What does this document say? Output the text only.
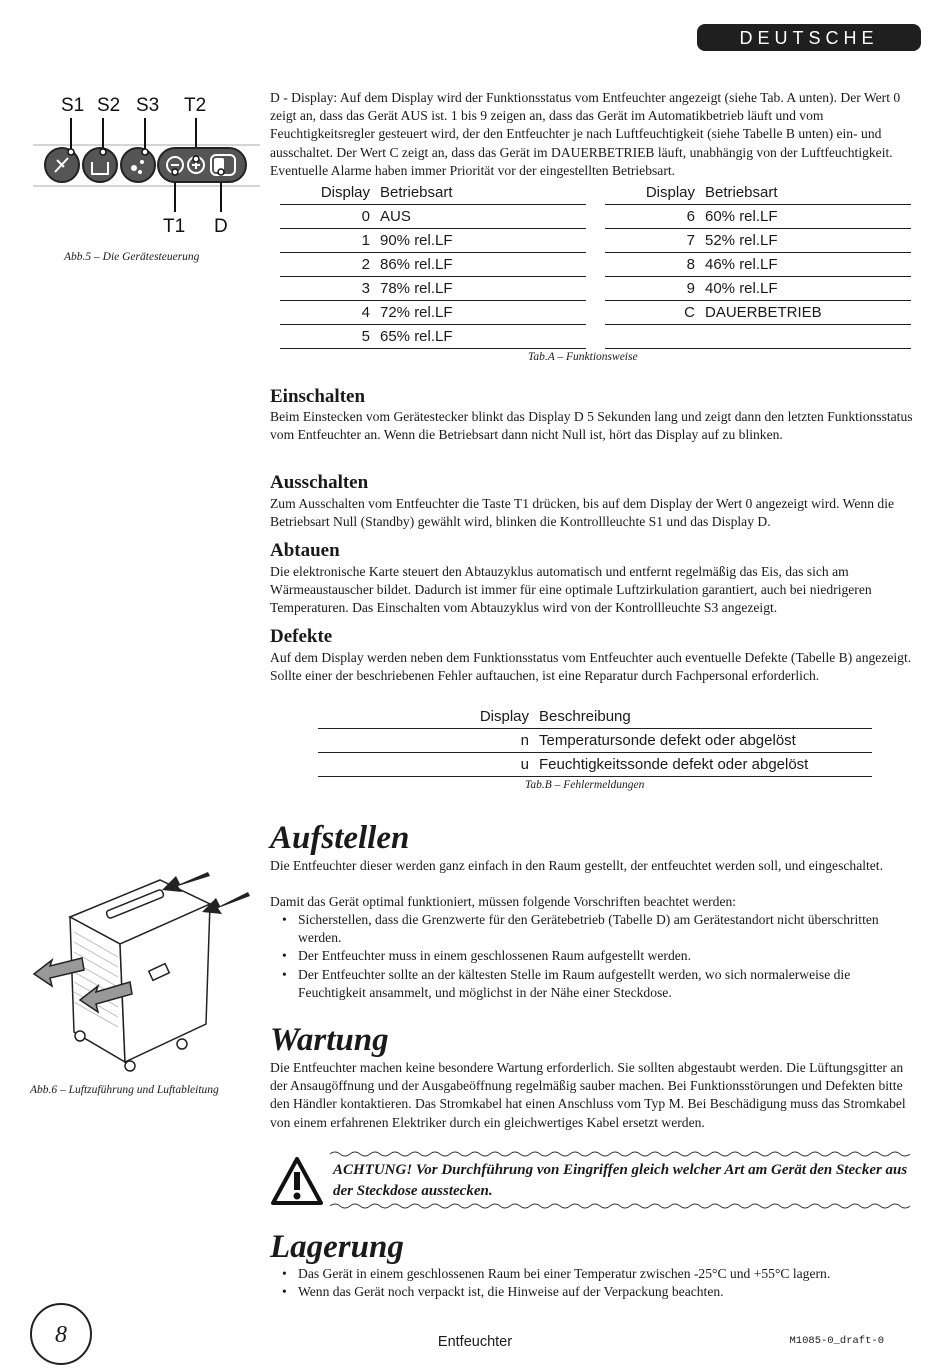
DEUTSCHE
S1 S2 S3 T2
T1 D
Abb.5 – Die Gerätesteuerung
D - Display: Auf dem Display wird der Funktionsstatus vom Entfeuchter angezeigt (siehe Tab. A unten). Der Wert 0 zeigt an, dass das Gerät AUS ist. 1 bis 9 zeigen an, dass das Gerät im Automatikbetrieb läuft und vom Feuchtigkeitsregler gesteuert wird, der den Entfeuchter je nach Luftfeuchtigkeit (siehe Tabelle B unten) ein- und ausschaltet. Der Wert C zeigt an, dass das Gerät im DAUERBETRIEB läuft, unabhängig von der Luftfeuchtigkeit. Eventuelle Alarme haben immer Priorität vor der eingestellten Betriebsart.
Display	Betriebsart
0	AUS
1	90% rel.LF
2	86% rel.LF
3	78% rel.LF
4	72% rel.LF
5	65% rel.LF
Display	Betriebsart
6	60% rel.LF
7	52% rel.LF
8	46% rel.LF
9	40% rel.LF
C	DAUERBETRIEB

Tab.A – Funktionsweise
Einschalten
Beim Einstecken vom Gerätestecker blinkt das Display D 5 Sekunden lang und zeigt dann den letzten Funktionsstatus vom Entfeuchter an. Wenn die Betriebsart dann nicht Null ist, hört das Display auf zu blinken.
Ausschalten
Zum Ausschalten vom Entfeuchter die Taste T1 drücken, bis auf dem Display der Wert 0 angezeigt wird. Wenn die Betriebsart Null (Standby) gewählt wird, blinken die Kontrollleuchte S1 und das Display D.
Abtauen
Die elektronische Karte steuert den Abtauzyklus automatisch und entfernt regelmäßig das Eis, das sich am Wärmeaustauscher bildet. Dadurch ist immer für eine optimale Luftzirkulation garantiert, auch bei niedrigeren Temperaturen. Das Einschalten vom Abtauzyklus wird von der Kontrollleuchte S3 angezeigt.
Defekte
Auf dem Display werden neben dem Funktionsstatus vom Entfeuchter auch eventuelle Defekte (Tabelle B) angezeigt. Sollte einer der beschriebenen Fehler auftauchen, ist eine Reparatur durch Fachpersonal erforderlich.
Display	Beschreibung
n	Temperatursonde defekt oder abgelöst
u	Feuchtigkeitssonde defekt oder abgelöst
Tab.B – Fehlermeldungen
Aufstellen
Die Entfeuchter dieser werden ganz einfach in den Raum gestellt, der entfeuchtet werden soll, und eingeschaltet.
Damit das Gerät optimal funktioniert, müssen folgende Vorschriften beachtet werden:
• Sicherstellen, dass die Grenzwerte für den Gerätebetrieb (Tabelle D) am Gerätestandort nicht überschritten werden.
• Der Entfeuchter muss in einem geschlossenen Raum aufgestellt werden.
• Der Entfeuchter sollte an der kältesten Stelle im Raum aufgestellt werden, wo sich normalerweise die Feuchtigkeit ansammelt, und möglichst in der Nähe einer Steckdose.
Abb.6 – Luftzuführung und Luftableitung
Wartung
Die Entfeuchter machen keine besondere Wartung erforderlich. Sie sollten abgestaubt werden. Die Lüftungsgitter an der Ansaugöffnung und der Ausgabeöffnung regelmäßig sauber machen. Bei Funktionsstörungen und Defekten bitte den Händler kontaktieren. Das Stromkabel hat einen Anschluss vom Typ M. Bei Beschädigung muss das Stromkabel von einem erfahrenen Elektriker durch ein gleichwertiges Kabel ersetzt werden.
ACHTUNG! Vor Durchführung von Eingriffen gleich welcher Art am Gerät den Stecker aus der Steckdose ausstecken.
Lagerung
• Das Gerät in einem geschlossenen Raum bei einer Temperatur zwischen -25°C und +55°C lagern.
• Wenn das Gerät noch verpackt ist, die Hinweise auf der Verpackung beachten.
8	Entfeuchter	M1085-0_draft-0
